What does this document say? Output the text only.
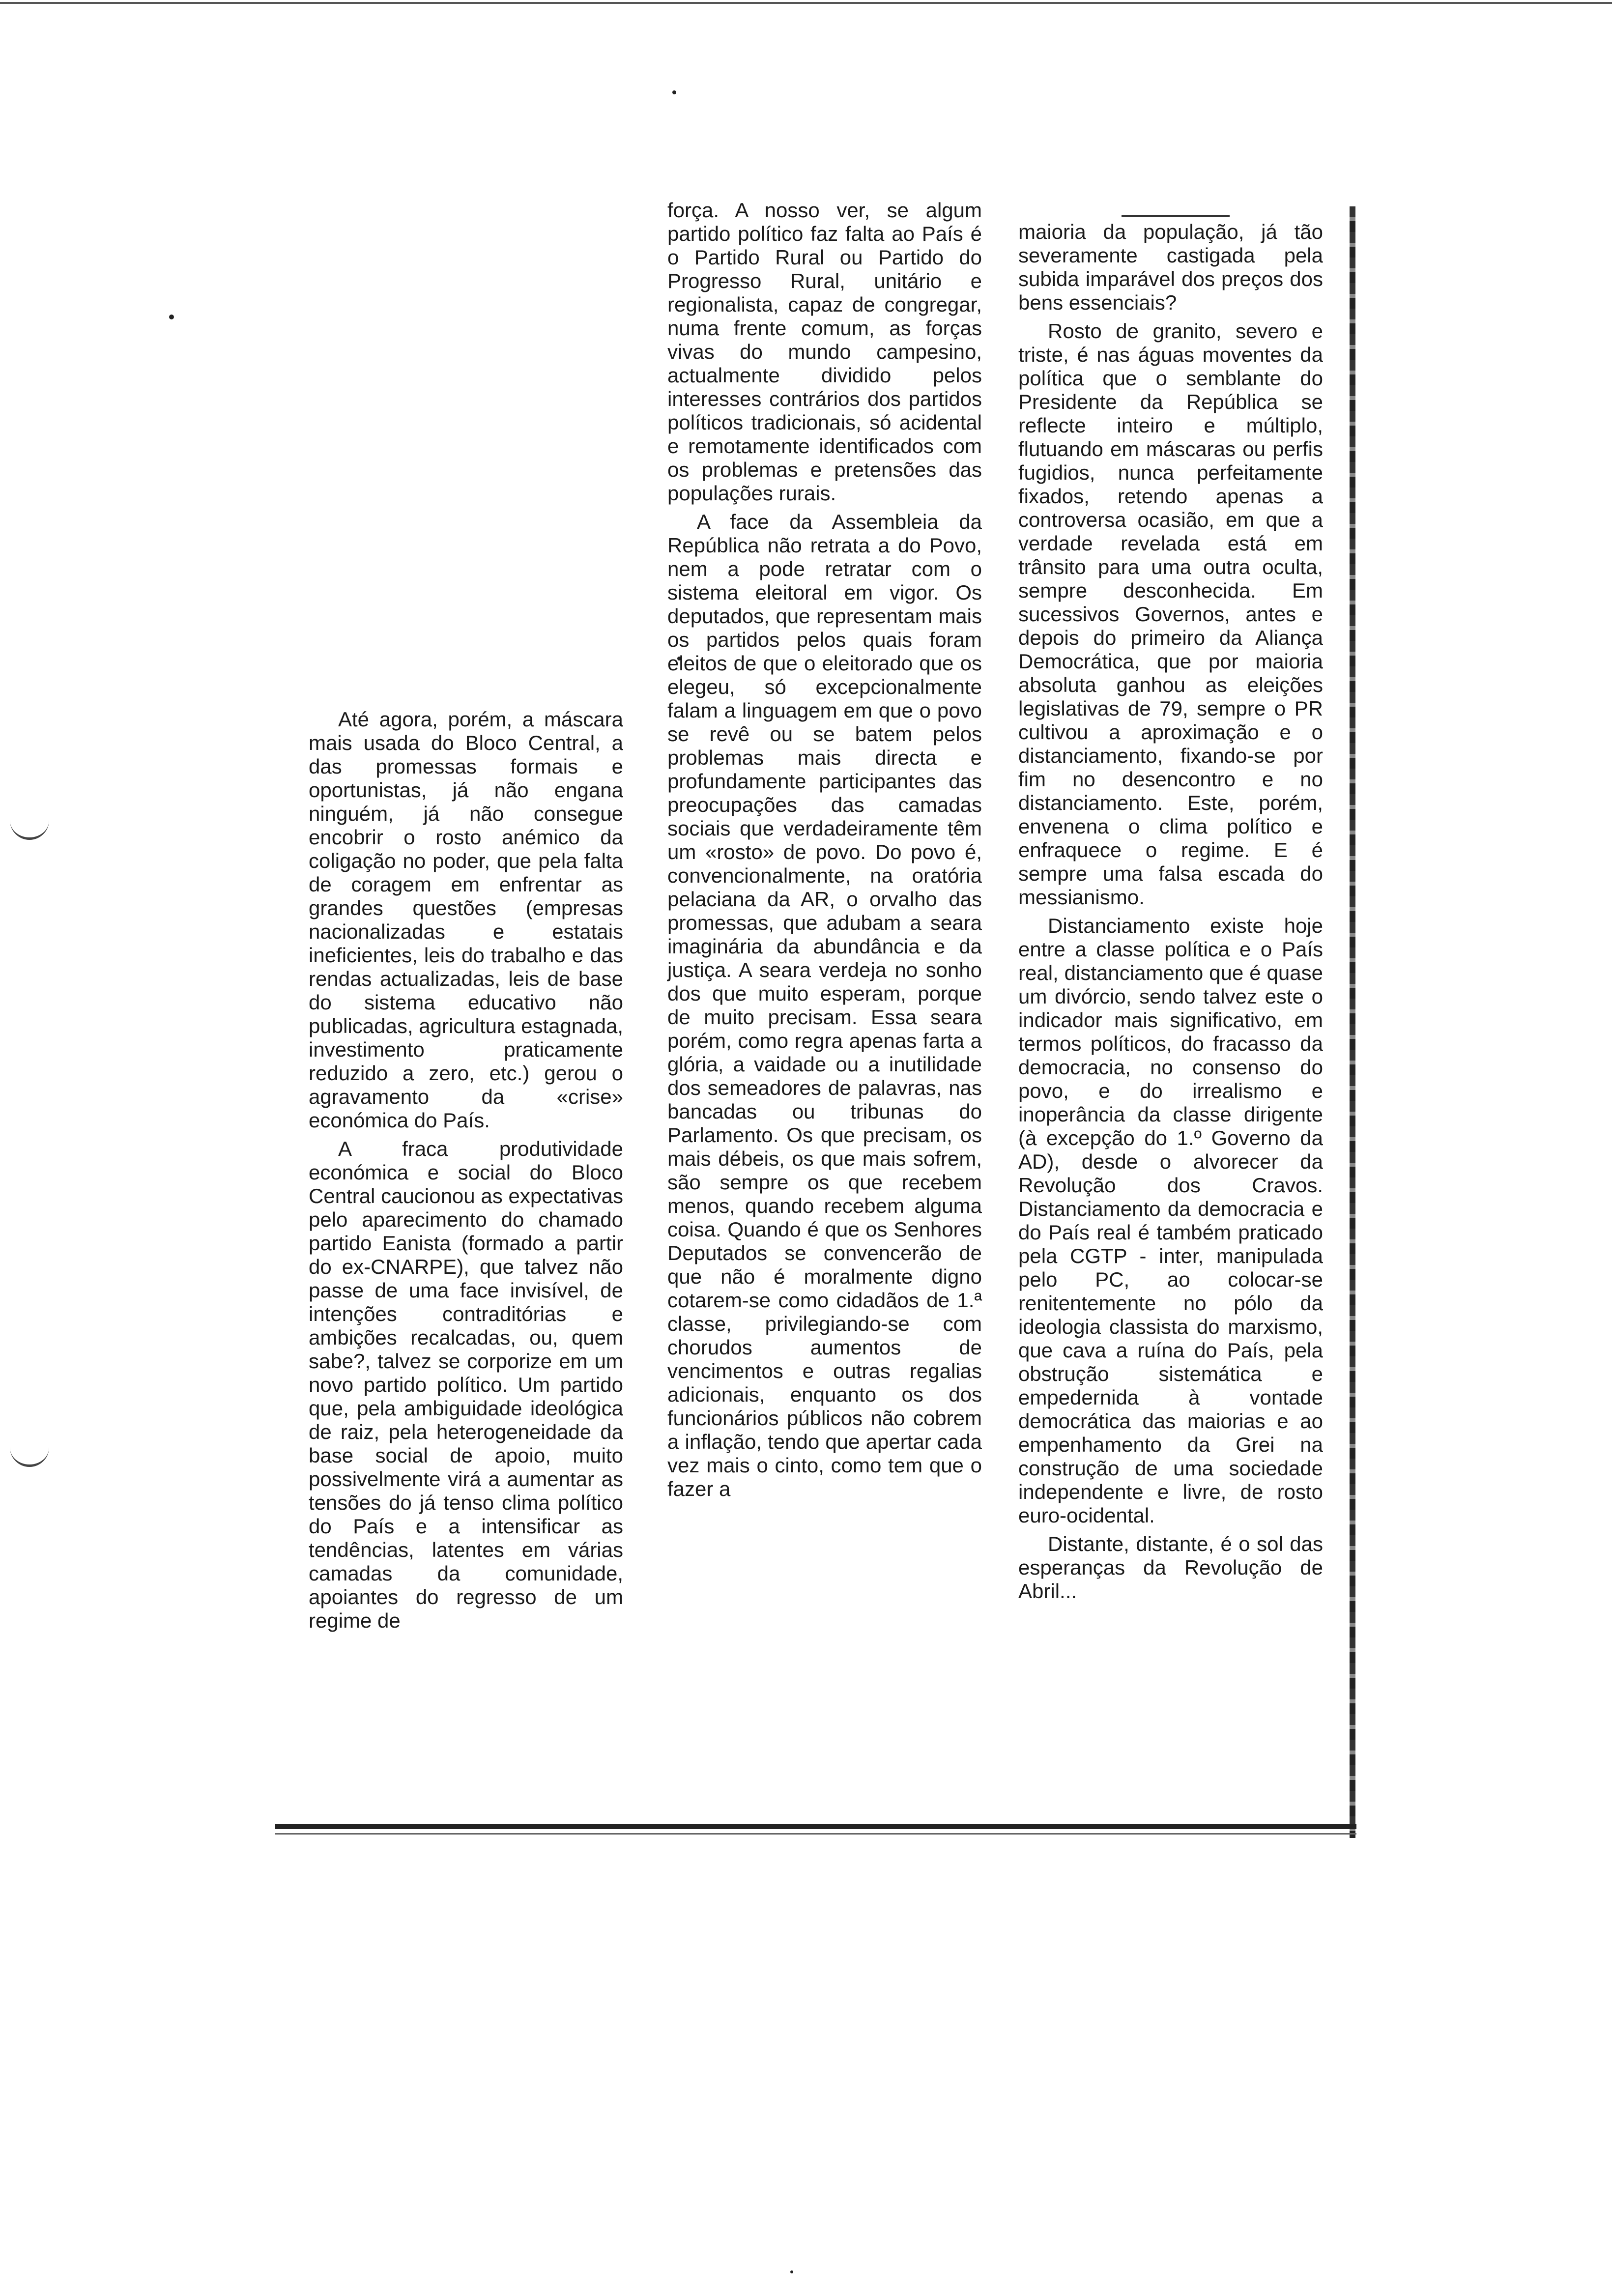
Até agora, porém, a máscara mais usada do Bloco Central, a das promessas formais e oportunistas, já não engana ninguém, já não consegue encobrir o rosto anémico da coligação no poder, que pela falta de coragem em enfrentar as grandes questões (empresas nacionalizadas e estatais ineficientes, leis do trabalho e das rendas actualizadas, leis de base do sistema educativo não publicadas, agricultura estagnada, investimento praticamente reduzido a zero, etc.) gerou o agravamento da «crise» económica do País.

A fraca produtividade económica e social do Bloco Central caucionou as expectativas pelo aparecimento do chamado partido Eanista (formado a partir do ex-CNARPE), que talvez não passe de uma face invisível, de intenções contraditórias e ambições recalcadas, ou, quem sabe?, talvez se corporize em um novo partido político. Um partido que, pela ambiguidade ideológica de raiz, pela heterogeneidade da base social de apoio, muito possivelmente virá a aumentar as tensões do já tenso clima político do País e a intensificar as tendências, latentes em várias camadas da comunidade, apoiantes do regresso de um regime de

força. A nosso ver, se algum partido político faz falta ao País é o Partido Rural ou Partido do Progresso Rural, unitário e regionalista, capaz de congregar, numa frente comum, as forças vivas do mundo campesino, actualmente dividido pelos interesses contrários dos partidos políticos tradicionais, só acidental e remotamente identificados com os problemas e pretensões das populações rurais.

A face da Assembleia da República não retrata a do Povo, nem a pode retratar com o sistema eleitoral em vigor. Os deputados, que representam mais os partidos pelos quais foram eleitos de que o eleitorado que os elegeu, só excepcionalmente falam a linguagem em que o povo se revê ou se batem pelos problemas mais directa e profundamente participantes das preocupações das camadas sociais que verdadeiramente têm um «rosto» de povo. Do povo é, convencionalmente, na oratória pelaciana da AR, o orvalho das promessas, que adubam a seara imaginária da abundância e da justiça. A seara verdeja no sonho dos que muito esperam, porque de muito precisam. Essa seara porém, como regra apenas farta a glória, a vaidade ou a inutilidade dos semeadores de palavras, nas bancadas ou tribunas do Parlamento. Os que precisam, os mais débeis, os que mais sofrem, são sempre os que recebem menos, quando recebem alguma coisa. Quando é que os Senhores Deputados se convencerão de que não é moralmente digno cotarem-se como cidadãos de 1.ª classe, privilegiando-se com chorudos aumentos de vencimentos e outras regalias adicionais, enquanto os dos funcionários públicos não cobrem a inflação, tendo que apertar cada vez mais o cinto, como tem que o fazer a

maioria da população, já tão severamente castigada pela subida imparável dos preços dos bens essenciais?

Rosto de granito, severo e triste, é nas águas moventes da política que o semblante do Presidente da República se reflecte inteiro e múltiplo, flutuando em máscaras ou perfis fugidios, nunca perfeitamente fixados, retendo apenas a controversa ocasião, em que a verdade revelada está em trânsito para uma outra oculta, sempre desconhecida. Em sucessivos Governos, antes e depois do primeiro da Aliança Democrática, que por maioria absoluta ganhou as eleições legislativas de 79, sempre o PR cultivou a aproximação e o distanciamento, fixando-se por fim no desencontro e no distanciamento. Este, porém, envenena o clima político e enfraquece o regime. E é sempre uma falsa escada do messianismo.

Distanciamento existe hoje entre a classe política e o País real, distanciamento que é quase um divórcio, sendo talvez este o indicador mais significativo, em termos políticos, do fracasso da democracia, no consenso do povo, e do irrealismo e inoperância da classe dirigente (à excepção do 1.º Governo da AD), desde o alvorecer da Revolução dos Cravos. Distanciamento da democracia e do País real é também praticado pela CGTP - inter, manipulada pelo PC, ao colocar-se renitentemente no pólo da ideologia classista do marxismo, que cava a ruína do País, pela obstrução sistemática e empedernida à vontade democrática das maiorias e ao empenhamento da Grei na construção de uma sociedade independente e livre, de rosto euro-ocidental.

Distante, distante, é o sol das esperanças da Revolução de Abril...
